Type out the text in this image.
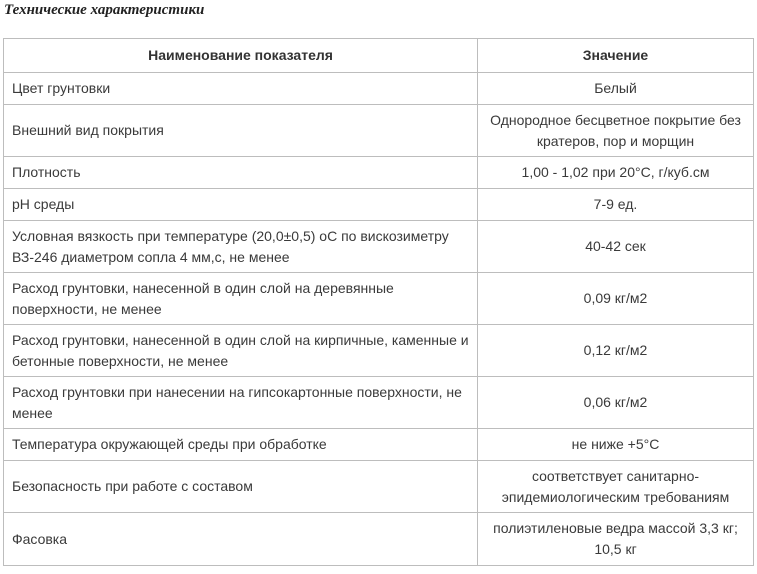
Технические характеристики
Наименование показателя	Значение
Цвет грунтовки	Белый
Внешний вид покрытия	Однородное бесцветное покрытие без кратеров, пор и морщин
Плотность	1,00 - 1,02 при 20°С, г/куб.см
pH среды	7-9 ед.
Условная вязкость при температуре (20,0±0,5) оС по вискозиметру ВЗ-246 диаметром сопла 4 мм,с, не менее	40-42 сек
Расход грунтовки, нанесенной в один слой на деревянные поверхности, не менее	0,09 кг/м2
Расход грунтовки, нанесенной в один слой на кирпичные, каменные и бетонные поверхности, не менее	0,12 кг/м2
Расход грунтовки при нанесении на гипсокартонные поверхности, не менее	0,06 кг/м2
Температура окружающей среды при обработке	не ниже +5°С
Безопасность при работе с составом	соответствует санитарно-эпидемиологическим требованиям
Фасовка	полиэтиленовые ведра массой 3,3 кг; 10,5 кг
